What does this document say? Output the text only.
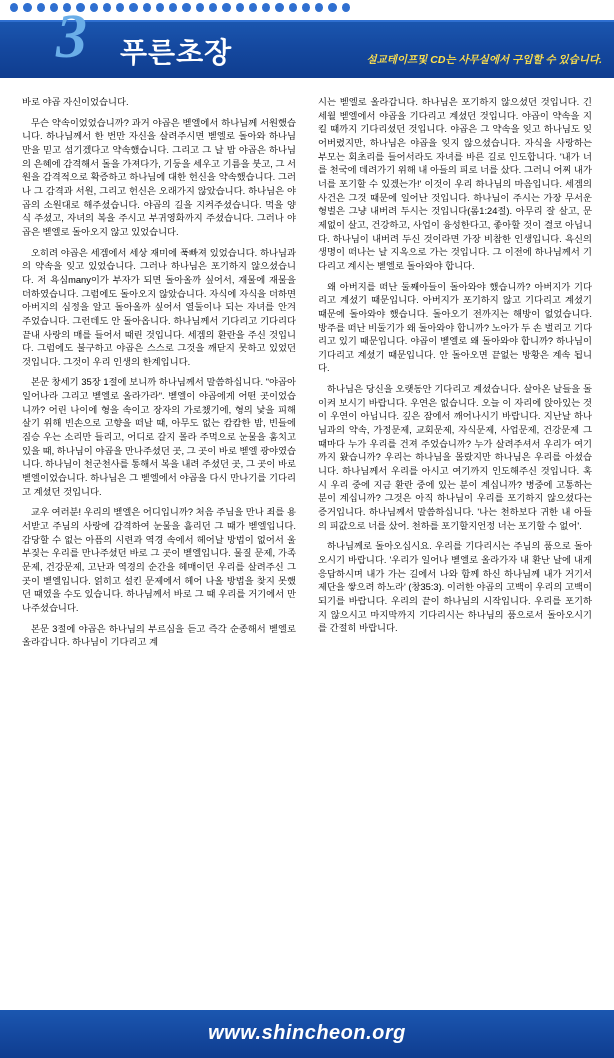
3 푸른초장	설교테이프및 CD는 사무실에서 구입할 수 있습니다.

바로 야곱 자신이었습니다.

무슨 약속이었었습니까? 과거 야곱은 벧엘에서 하나님께 서원했습니다. 하나님께서 한 번만 자신을 살려주시면 벧엘로 돌아와 하나님만을 믿고 섬기겠다고 약속했습니다. 그리고 그 날 밤 야곱은 하나님의 은혜에 감격해서 돌을 가져다가, 기둥을 세우고 기름을 붓고, 그 서원을 감격적으로 확증하고 하나님에 대한 헌신을 약속했습니다. 그러나 그 감격과 서원, 그리고 헌신은 오래가지 않았습니다. 하나님은 야곱의 소원대로 해주셨습니다. 야곱의 길을 지켜주셨습니다. 먹을 양식 주셨고, 자녀의 복을 주시고 부귀영화까지 주셨습니다. 그러나 야곱은 벧엘로 돌아오지 않고 있었습니다.

오히려 야곱은 세겜에서 세상 재미에 푹빠져 있었습니다. 하나님과의 약속을 잊고 있었습니다. 그러나 하나님은 포기하지 않으셨습니다. 저 욕심many이가 부자가 되면 돌아올까 싶어서, 재물에 재물을 더하였습니다. 그럼에도 돌아오지 않았습니다. 자식에 자식을 더하면 아버지의 심정을 알고 돌아올까 싶어서 열둘이나 되는 자녀를 안겨 주었습니다. 그런데도 안 돌아옵니다. 하나님께서 기다리고 기다리다 끝내 사랑의 매를 들어서 때린 것입니다. 세겜의 환란을 주신 것입니다. 그럼에도 불구하고 야곱은 스스로 그것을 깨닫지 못하고 있었던 것입니다. 그것이 우리 인생의 한계입니다.

본문 창세기 35장 1절에 보니까 하나님께서 말씀하십니다. "야곱아 일어나라 그리고 벧엘로 올라가라". 벧엘이 야곱에게 어떤 곳이었습니까? 어린 나이에 형을 속이고 장자의 가로챘기에, 형의 낯을 피해 살기 위해 빈손으로 고향을 떠날 때, 아무도 없는 캄캄한 밤, 빈들에 짐승 우는 소리만 들리고, 어디로 갈지 몰라 주먹으로 눈물을 훔치고 있을 때, 하나님이 야곱을 만나주셨던 곳, 그 곳이 바로 벧엘 광야였습니다. 하나님이 천군천사를 통해서 복을 내려 주셨던 곳, 그 곳이 바로 벧엘이었습니다. 하나님은 그 벧엘에서 야곱을 다시 만나기를 기다리고 계셨던 것입니다.

교우 여러분! 우리의 벧엘은 어디입니까? 처음 주님을 만나 죄를 용서받고 주님의 사랑에 감격하여 눈물을 흘리던 그 때가 벧엘입니다. 감당할 수 없는 아픔의 시련과 역경 속에서 헤어날 방법이 없어서 울부짖는 우리를 만나주셨던 바로 그 곳이 벧엘입니다. 물질 문제, 가족 문제, 건강문제, 고난과 역경의 순간을 헤매이던 우리를 살려주신 그 곳이 벧엘입니다. 얽히고 설킨 문제에서 헤어 나올 방법을 찾지 못했던 때였을 수도 있습니다. 하나님께서 바로 그 때 우리를 거기에서 만나주셨습니다.

본문 3절에 야곱은 하나님의 부르심을 듣고 즉각 순종해서 벧엘로 올라갑니다. 하나님이 기다리고 계

시는 벧엘로 올라갑니다. 하나님은 포기하지 않으셨던 것입니다. 긴 세월 벧엘에서 야곱을 기다리고 계셨던 것입니다. 야곱이 약속을 지킬 때까지 기다리셨던 것입니다. 야곱은 그 약속을 잊고 하나님도 잊어버렸지만, 하나님은 야곱을 잊지 않으셨습니다. 자식을 사랑하는 부모는 회초리를 들어서라도 자녀를 바른 길로 인도합니다. '내가 너를 천국에 데려가기 위해 내 아들의 피로 너를 샀다. 그러니 어찌 내가 너를 포기할 수 있겠는가!' 이것이 우리 하나님의 마음입니다. 세겜의 사건은 그것 때문에 일어난 것입니다. 하나님이 주시는 가장 무서운 형벌은 그냥 내버려 두시는 것입니다(롬1:24절). 아무리 잘 살고, 문제없이 살고, 건강하고, 사업이 융성한다고, 좋아할 것이 결코 아닙니다. 하나님이 내버려 두신 것이라면 가장 비참한 인생입니다. 욕신의 생명이 떠나는 날 지옥으로 가는 것입니다. 그 이전에 하나님께서 기다리고 계시는 벧엘로 돌아와야 합니다.

왜 아버지를 떠난 둘째아들이 돌아와야 했습니까? 아버지가 기다리고 계셨기 때문입니다. 아버지가 포기하지 않고 기다리고 계셨기 때문에 돌아와야 했습니다. 돌아오기 전까지는 해방이 없었습니다. 방주를 떠난 비둘기가 왜 돌아와야 합니까? 노아가 두 손 벌리고 기다리고 있기 때문입니다. 야곱이 벧엘로 왜 돌아와야 합니까? 하나님이 기다리고 계셨기 때문입니다. 안 돌아오면 끝없는 방황은 계속 됩니다.

하나님은 당신을 오랫동안 기다리고 계셨습니다. 살아온 날들을 돌이켜 보시기 바랍니다. 우연은 없습니다. 오늘 이 자리에 앉아있는 것이 우연이 아닙니다. 깊은 잠에서 깨어나시기 바랍니다. 지난날 하나님과의 약속, 가정문제, 교회문제, 자식문제, 사업문제, 건강문제 그 때마다 누가 우리를 건져 주었습니까? 누가 살려주셔서 우리가 여기까지 왔습니까? 우리는 하나님을 몰랐지만 하나님은 우리를 아셨습니다. 하나님께서 우리를 아시고 여기까지 인도해주신 것입니다. 혹시 우리 중에 지금 환란 중에 있는 분이 계십니까? 병중에 고통하는 분이 계십니까? 그것은 아직 하나님이 우리를 포기하지 않으셨다는 증거입니다. 하나님께서 말씀하십니다. '나는 천하보다 귀한 내 아들의 피값으로 너를 샀어. 천하를 포기할지언정 너는 포기할 수 없어'.

하나님께로 돌아오십시요. 우리를 기다리시는 주님의 품으로 돌아오시기 바랍니다. '우리가 일어나 벧엘로 올라가자 내 환난 날에 내게 응답하시며 내가 가는 길에서 나와 함께 하신 하나님께 내가 거기서 제단을 쌓으려 하노라' (창35:3). 이러한 야곱의 고백이 우리의 고백이 되기를 바랍니다. 우리의 끝이 하나님의 시작입니다. 우리를 포기하지 않으시고 마지막까지 기다리시는 하나님의 품으로서 돌아오시기를 간절히 바랍니다.

www.shincheon.org
